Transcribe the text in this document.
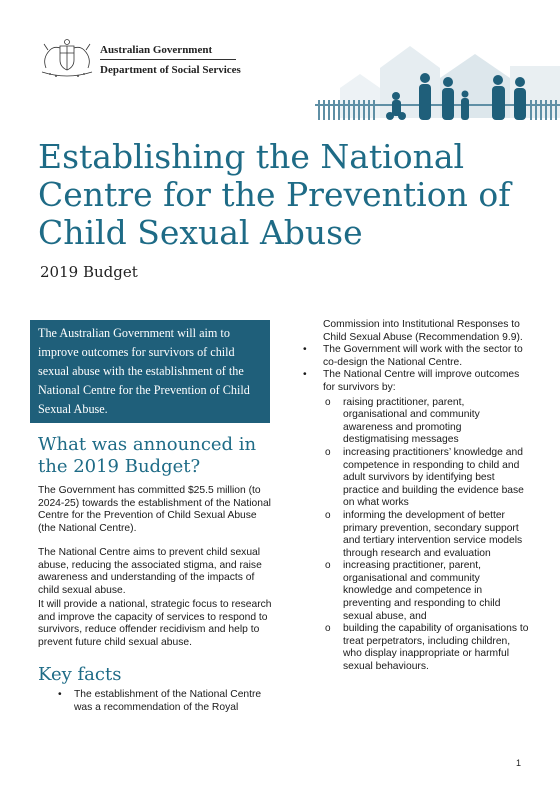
Australian Government
Department of Social Services
Establishing the National Centre for the Prevention of Child Sexual Abuse
2019 Budget

The Australian Government will aim to improve outcomes for survivors of child sexual abuse with the establishment of the National Centre for the Prevention of Child Sexual Abuse.

What was announced in
the 2019 Budget?

The Government has committed $25.5 million (to 2024-25) towards the establishment of the National Centre for the Prevention of Child Sexual Abuse (the National Centre).

The National Centre aims to prevent child sexual abuse, reducing the associated stigma, and raise awareness and understanding of the impacts of child sexual abuse.

It will provide a national, strategic focus to research and improve the capacity of services to respond to survivors, reduce offender recidivism and help to prevent future child sexual abuse.

Key facts
• The establishment of the National Centre was a recommendation of the Royal
Commission into Institutional Responses to Child Sexual Abuse (Recommendation 9.9).
• The Government will work with the sector to co-design the National Centre.
• The National Centre will improve outcomes for survivors by:
o raising practitioner, parent, organisational and community awareness and promoting destigmatising messages
o increasing practitioners’ knowledge and competence in responding to child and adult survivors by identifying best practice and building the evidence base on what works
o informing the development of better primary prevention, secondary support and tertiary intervention service models through research and evaluation
o increasing practitioner, parent, organisational and community knowledge and competence in preventing and responding to child sexual abuse, and
o building the capability of organisations to treat perpetrators, including children, who display inappropriate or harmful sexual behaviours.
1
